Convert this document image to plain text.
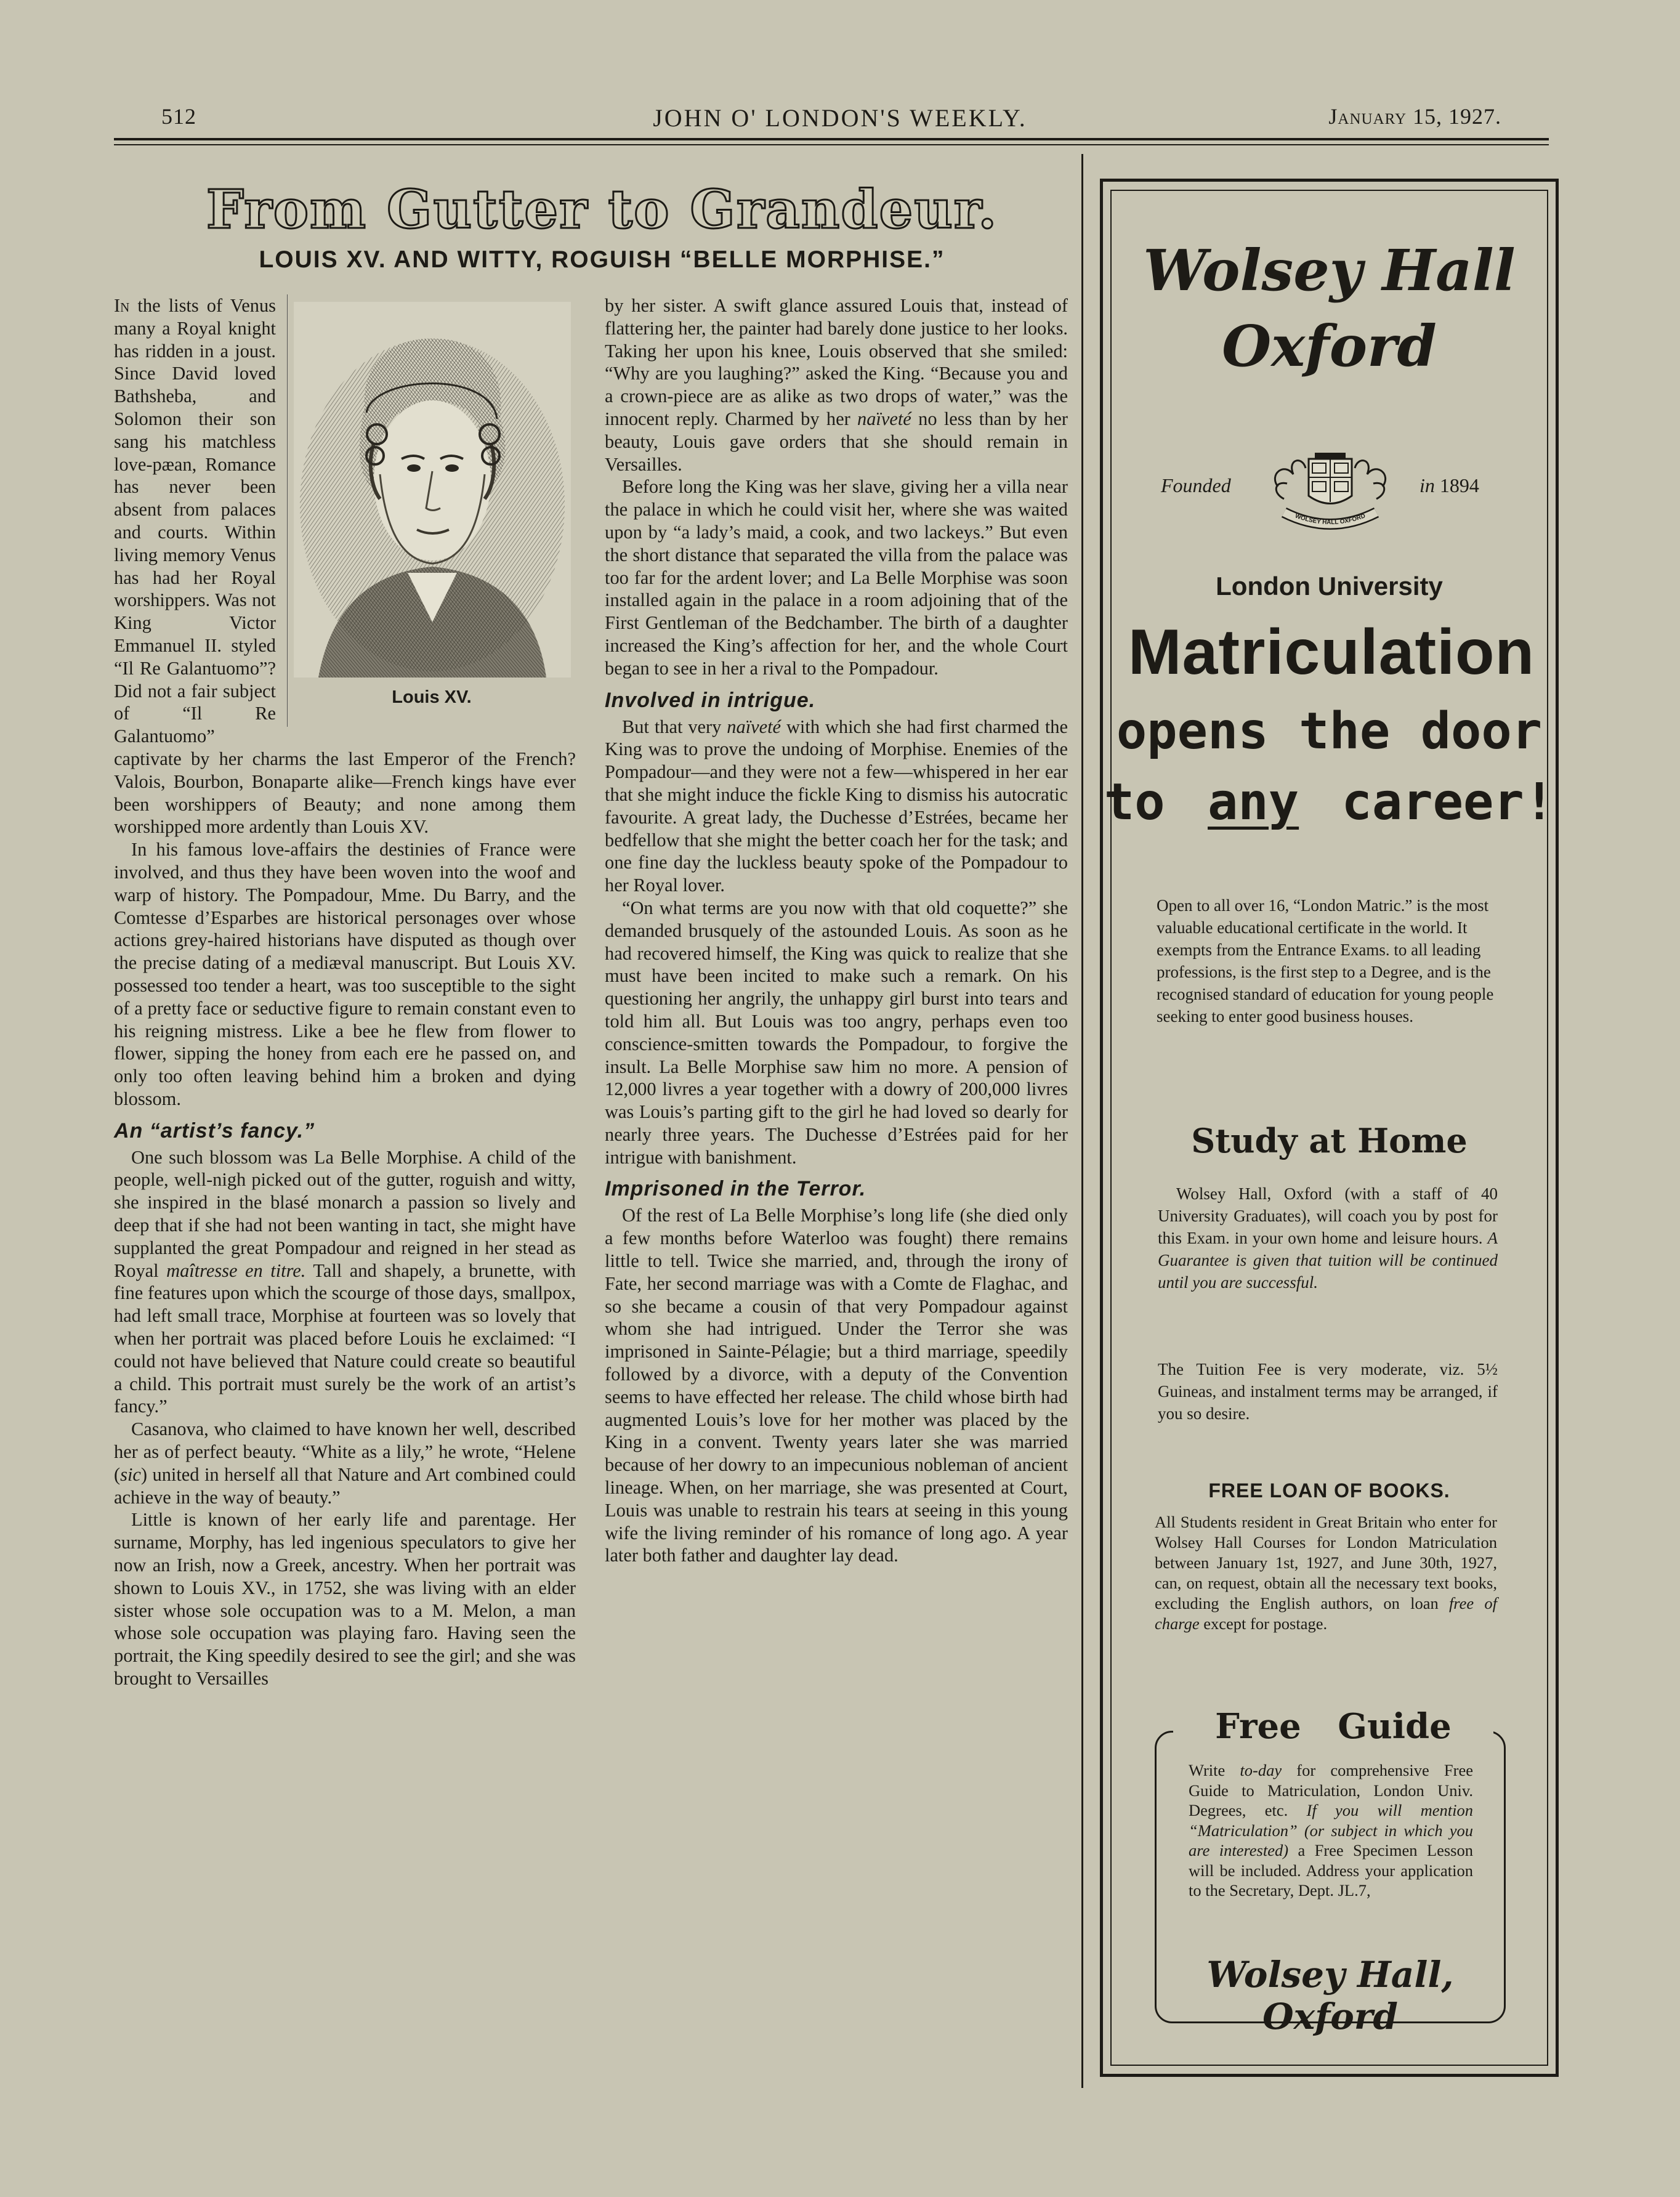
512	JOHN O' LONDON'S WEEKLY.	January 15, 1927.
From Gutter to Grandeur.
LOUIS XV. AND WITTY, ROGUISH “BELLE MORPHISE.”
Louis XV.

In the lists of Venus many a Royal knight has ridden in a joust. Since David loved Bathsheba, and Solomon their son sang his matchless love-pæan, Romance has never been absent from palaces and courts. Within living memory Venus has had her Royal worshippers. Was not King Victor Emmanuel II. styled “Il Re Galantuomo”? Did not a fair subject of “Il Re Galantuomo” captivate by her charms the last Emperor of the French? Valois, Bourbon, Bonaparte alike—French kings have ever been worshippers of Beauty; and none among them worshipped more ardently than Louis XV.

In his famous love-affairs the destinies of France were involved, and thus they have been woven into the woof and warp of history. The Pompadour, Mme. Du Barry, and the Comtesse d’Esparbes are historical personages over whose actions grey-haired historians have disputed as though over the precise dating of a mediæval manuscript. But Louis XV. possessed too tender a heart, was too susceptible to the sight of a pretty face or seductive figure to remain constant even to his reigning mistress. Like a bee he flew from flower to flower, sipping the honey from each ere he passed on, and only too often leaving behind him a broken and dying blossom.

An “artist’s fancy.”

One such blossom was La Belle Morphise. A child of the people, well-nigh picked out of the gutter, roguish and witty, she inspired in the blasé monarch a passion so lively and deep that if she had not been wanting in tact, she might have supplanted the great Pompadour and reigned in her stead as Royal maîtresse en titre. Tall and shapely, a brunette, with fine features upon which the scourge of those days, smallpox, had left small trace, Morphise at fourteen was so lovely that when her portrait was placed before Louis he exclaimed: “I could not have believed that Nature could create so beautiful a child. This portrait must surely be the work of an artist’s fancy.”

Casanova, who claimed to have known her well, described her as of perfect beauty. “White as a lily,” he wrote, “Helene (sic) united in herself all that Nature and Art combined could achieve in the way of beauty.”

Little is known of her early life and parentage. Her surname, Morphy, has led ingenious speculators to give her now an Irish, now a Greek, ancestry. When her portrait was shown to Louis XV., in 1752, she was living with an elder sister whose sole occupation was to a M. Melon, a man whose sole occupation was playing faro. Having seen the portrait, the King speedily desired to see the girl; and she was brought to Versailles

by her sister. A swift glance assured Louis that, instead of flattering her, the painter had barely done justice to her looks. Taking her upon his knee, Louis observed that she smiled: “Why are you laughing?” asked the King. “Because you and a crown-piece are as alike as two drops of water,” was the innocent reply. Charmed by her naïveté no less than by her beauty, Louis gave orders that she should remain in Versailles.

Before long the King was her slave, giving her a villa near the palace in which he could visit her, where she was waited upon by “a lady’s maid, a cook, and two lackeys.” But even the short distance that separated the villa from the palace was too far for the ardent lover; and La Belle Morphise was soon installed again in the palace in a room adjoining that of the First Gentleman of the Bedchamber. The birth of a daughter increased the King’s affection for her, and the whole Court began to see in her a rival to the Pompadour.

Involved in intrigue.

But that very naïveté with which she had first charmed the King was to prove the undoing of Morphise. Enemies of the Pompadour—and they were not a few—whispered in her ear that she might induce the fickle King to dismiss his autocratic favourite. A great lady, the Duchesse d’Estrées, became her bedfellow that she might the better coach her for the task; and one fine day the luckless beauty spoke of the Pompadour to her Royal lover.

“On what terms are you now with that old coquette?” she demanded brusquely of the astounded Louis. As soon as he had recovered himself, the King was quick to realize that she must have been incited to make such a remark. On his questioning her angrily, the unhappy girl burst into tears and told him all. But Louis was too angry, perhaps even too conscience-smitten towards the Pompadour, to forgive the insult. La Belle Morphise saw him no more. A pension of 12,000 livres a year together with a dowry of 200,000 livres was Louis’s parting gift to the girl he had loved so dearly for nearly three years. The Duchesse d’Estrées paid for her intrigue with banishment.

Imprisoned in the Terror.

Of the rest of La Belle Morphise’s long life (she died only a few months before Waterloo was fought) there remains little to tell. Twice she married, and, through the irony of Fate, her second marriage was with a Comte de Flaghac, and so she became a cousin of that very Pompadour against whom she had intrigued. Under the Terror she was imprisoned in Sainte-Pélagie; but a third marriage, speedily followed by a divorce, with a deputy of the Convention seems to have effected her release. The child whose birth had augmented Louis’s love for her mother was placed by the King in a convent. Twenty years later she was married because of her dowry to an impecunious nobleman of ancient lineage. When, on her marriage, she was presented at Court, Louis was unable to restrain his tears at seeing in this young wife the living reminder of his romance of long ago. A year later both father and daughter lay dead.

Wolsey Hall
Oxford
Founded
WOLSEY HALL OXFORD
in 1894
London University
Matriculation
opens the door
to any career!
Open to all over 16, “London Matric.” is the most valuable educational certificate in the world. It exempts from the Entrance Exams. to all leading professions, is the first step to a Degree, and is the recognised standard of education for young people seeking to enter good business houses.
Study at Home
Wolsey Hall, Oxford (with a staff of 40 University Graduates), will coach you by post for this Exam. in your own home and leisure hours. A Guarantee is given that tuition will be continued until you are successful.
The Tuition Fee is very moderate, viz. 5½ Guineas, and instalment terms may be arranged, if you so desire.
FREE LOAN OF BOOKS.
All Students resident in Great Britain who enter for Wolsey Hall Courses for London Matriculation between January 1st, 1927, and June 30th, 1927, can, on request, obtain all the necessary text books, excluding the English authors, on loan free of charge except for postage.
Free Guide
Write to-day for comprehensive Free Guide to Matriculation, London Univ. Degrees, etc. If you will mention “Matriculation” (or subject in which you are interested) a Free Specimen Lesson will be included. Address your application to the Secretary, Dept. JL.7,
Wolsey Hall, Oxford
